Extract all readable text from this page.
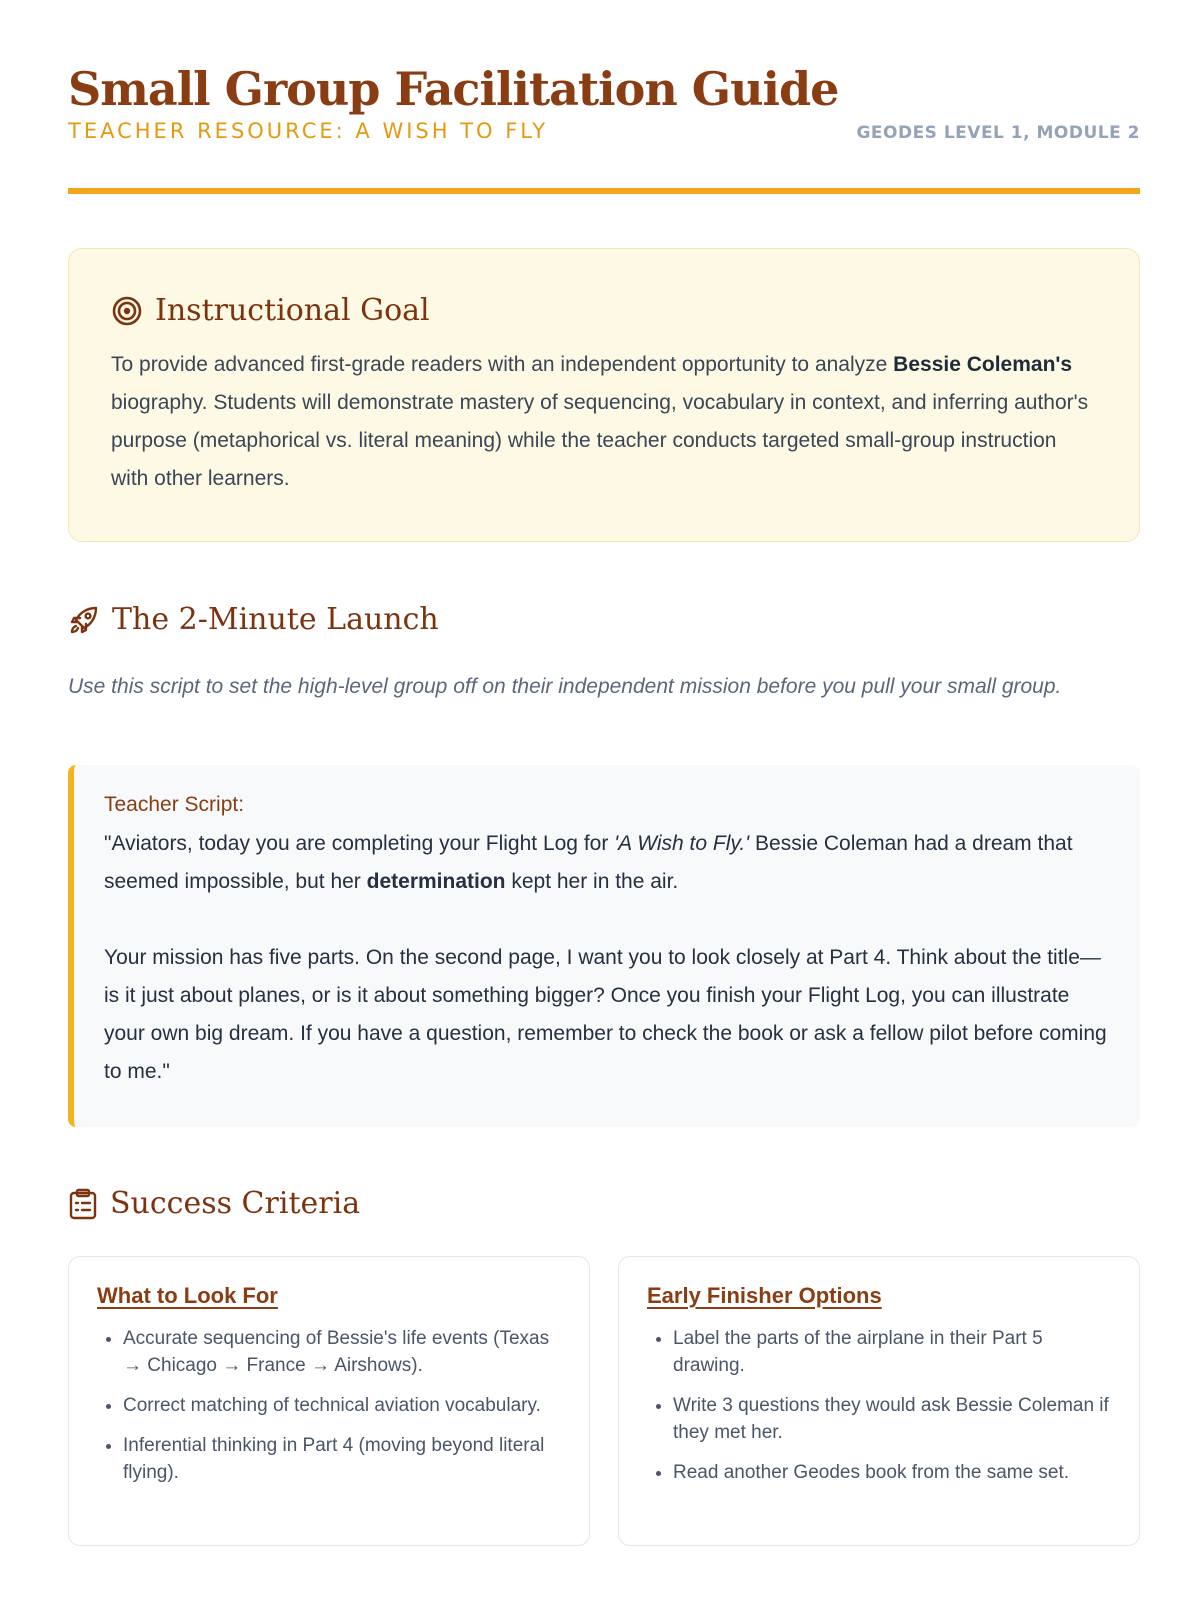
Small Group Facilitation Guide
TEACHER RESOURCE: A WISH TO FLY	GEODES LEVEL 1, MODULE 2
Instructional Goal

To provide advanced first-grade readers with an independent opportunity to analyze Bessie Coleman's biography. Students will demonstrate mastery of sequencing, vocabulary in context, and inferring author's purpose (metaphorical vs. literal meaning) while the teacher conducts targeted small-group instruction with other learners.

The 2-Minute Launch

Use this script to set the high-level group off on their independent mission before you pull your small group.

Teacher Script:

"Aviators, today you are completing your Flight Log for 'A Wish to Fly.' Bessie Coleman had a dream that seemed impossible, but her determination kept her in the air.

Your mission has five parts. On the second page, I want you to look closely at Part 4. Think about the title—is it just about planes, or is it about something bigger? Once you finish your Flight Log, you can illustrate your own big dream. If you have a question, remember to check the book or ask a fellow pilot before coming to me."

Success Criteria
What to Look For
• Accurate sequencing of Bessie's life events (Texas → Chicago → France → Airshows).
• Correct matching of technical aviation vocabulary.
• Inferential thinking in Part 4 (moving beyond literal flying).
Early Finisher Options
• Label the parts of the airplane in their Part 5 drawing.
• Write 3 questions they would ask Bessie Coleman if they met her.
• Read another Geodes book from the same set.
